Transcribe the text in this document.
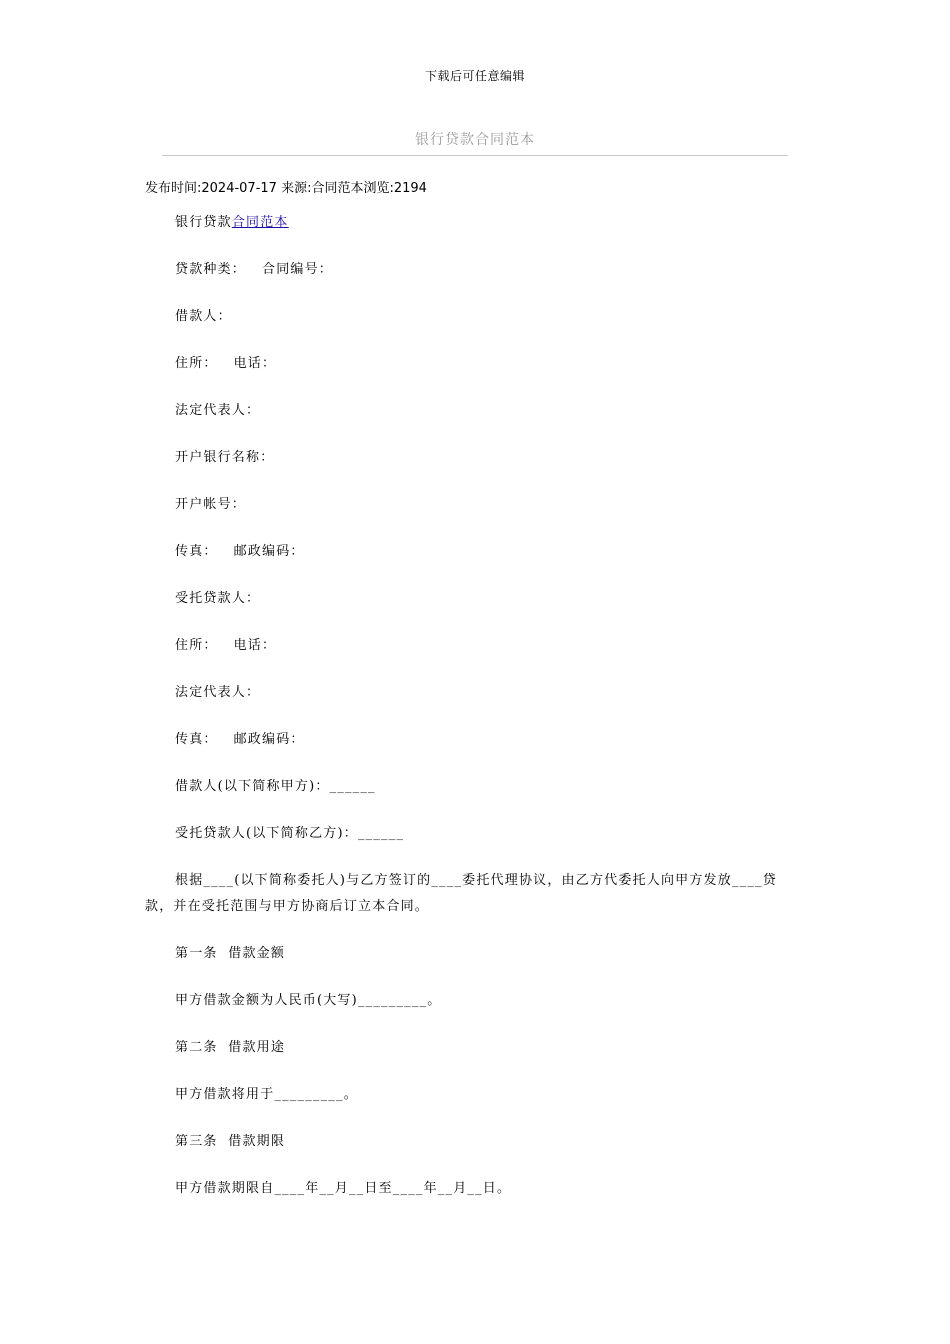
下载后可任意编辑
银行贷款合同范本
发布时间:2024-07-17 来源:合同范本浏览:2194

银行贷款合同范本

贷款种类：   合同编号：

借款人：

住所：   电话：

法定代表人：

开户银行名称：

开户帐号：

传真：   邮政编码：

受托贷款人：

住所：   电话：

法定代表人：

传真：   邮政编码：

借款人(以下简称甲方)：______

受托贷款人(以下简称乙方)：______

根据____(以下简称委托人)与乙方签订的____委托代理协议，由乙方代委托人向甲方发放____贷款，并在受托范围与甲方协商后订立本合同。

第一条  借款金额

甲方借款金额为人民币(大写)_________。

第二条  借款用途

甲方借款将用于_________。

第三条  借款期限

甲方借款期限自____年__月__日至____年__月__日。
